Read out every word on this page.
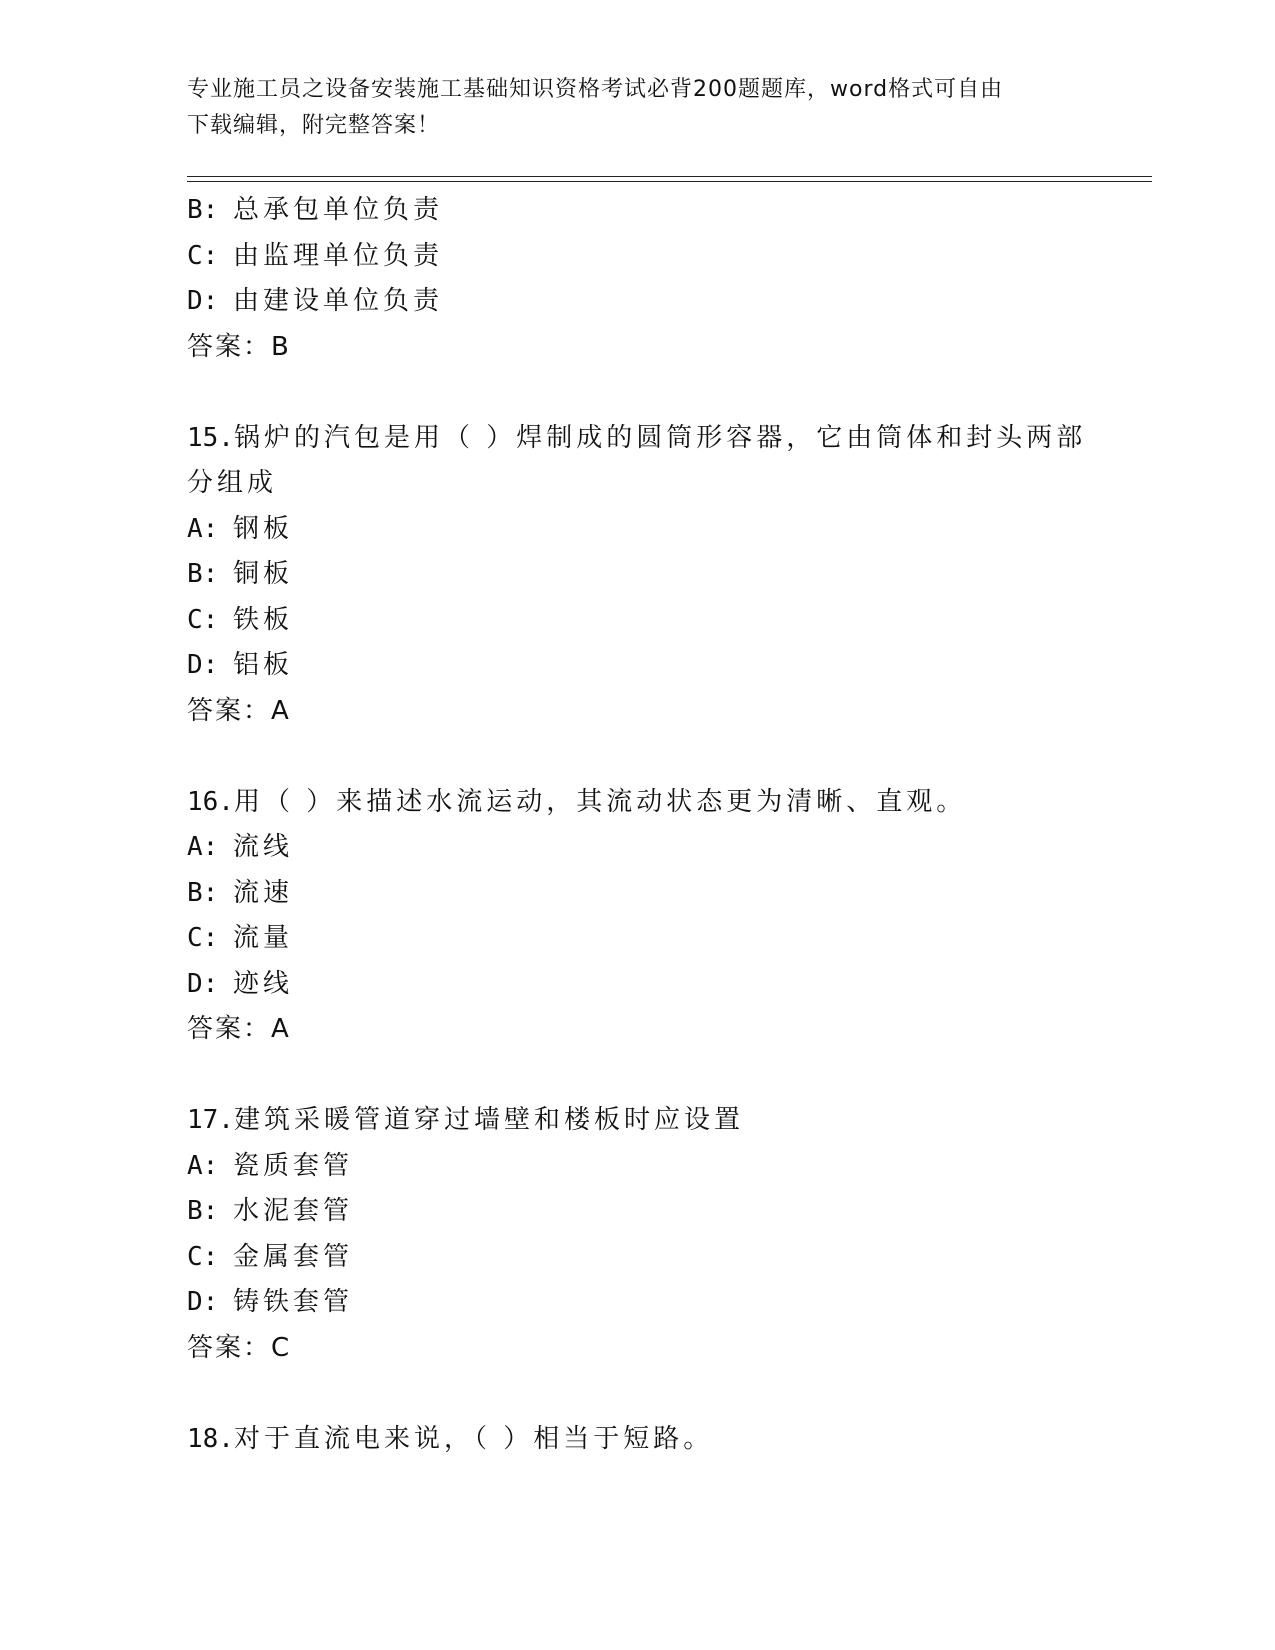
专业施工员之设备安装施工基础知识资格考试必背200题题库，word格式可自由
下载编辑，附完整答案！
B: 总承包单位负责
C: 由监理单位负责
D: 由建设单位负责
答案：B
15.锅炉的汽包是用（ ）焊制成的圆筒形容器，它由筒体和封头两部
分组成
A: 钢板
B: 铜板
C: 铁板
D: 铝板
答案：A
16.用（ ）来描述水流运动，其流动状态更为清晰、直观。
A: 流线
B: 流速
C: 流量
D: 迹线
答案：A
17.建筑采暖管道穿过墙壁和楼板时应设置
A: 瓷质套管
B: 水泥套管
C: 金属套管
D: 铸铁套管
答案：C
18.对于直流电来说，（ ）相当于短路。
